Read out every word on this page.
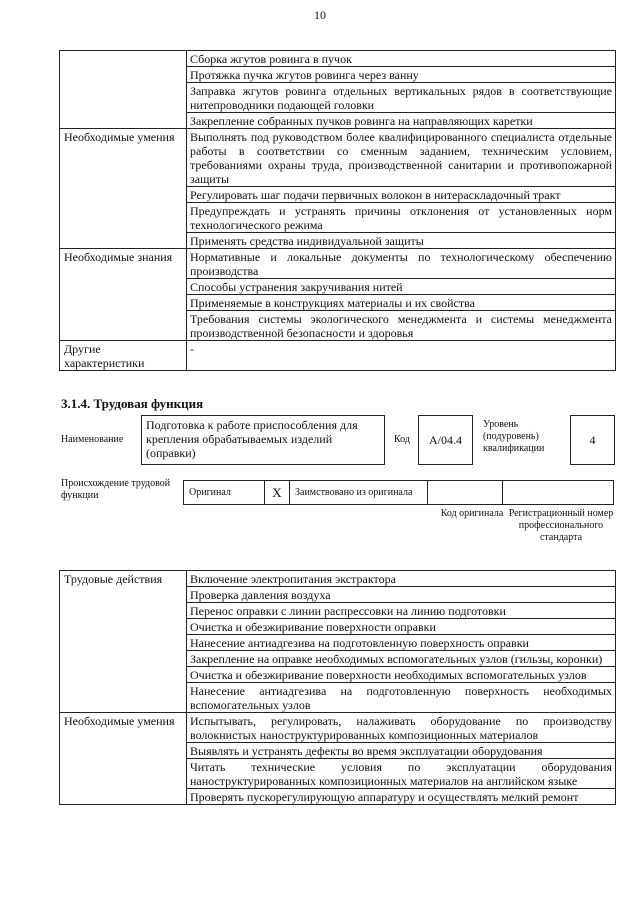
10
	Сборка жгутов ровинга в пучок
	Протяжка пучка жгутов ровинга через ванну
	Заправка жгутов ровинга отдельных вертикальных рядов в соответствующие нитепроводники подающей головки
	Закрепление собранных пучков ровинга на направляющих каретки
Необходимые умения	Выполнять под руководством более квалифицированного специалиста отдельные работы в соответствии со сменным заданием, техническим условием, требованиями охраны труда, производственной санитарии и противопожарной защиты
	Регулировать шаг подачи первичных волокон в нитераскладочный тракт
	Предупреждать и устранять причины отклонения от установленных норм технологического режима
	Применять средства индивидуальной защиты
Необходимые знания	Нормативные и локальные документы по технологическому обеспечению производства
	Способы устранения закручивания нитей
	Применяемые в конструкциях материалы и их свойства
	Требования системы экологического менеджмента и системы менеджмента производственной безопасности и здоровья
Другие характеристики	-
3.1.4. Трудовая функция
Наименование
Подготовка к работе приспособления для крепления обрабатываемых изделий (оправки)
Код	А/04.4
Уровень (подуровень) квалификации
4
Происхождение трудовой функции	Оригинал	X	Заимствовано из оригинала
Код оригинала Регистрационный номер профессионального стандарта
Трудовые действия	Включение электропитания экстрактора
	Проверка давления воздуха
	Перенос оправки с линии распрессовки на линию подготовки
	Очистка и обезжиривание поверхности оправки
	Нанесение антиадгезива на подготовленную поверхность оправки
	Закрепление на оправке необходимых вспомогательных узлов (гильзы, коронки)
	Очистка и обезжиривание поверхности необходимых вспомогательных узлов
	Нанесение антиадгезива на подготовленную поверхность необходимых вспомогательных узлов
Необходимые умения	Испытывать, регулировать, налаживать оборудование по производству волокнистых наноструктурированных композиционных материалов
	Выявлять и устранять дефекты во время эксплуатации оборудования
	Читать технические условия по эксплуатации оборудования наноструктурированных композиционных материалов на английском языке
	Проверять пускорегулирующую аппаратуру и осуществлять мелкий ремонт
